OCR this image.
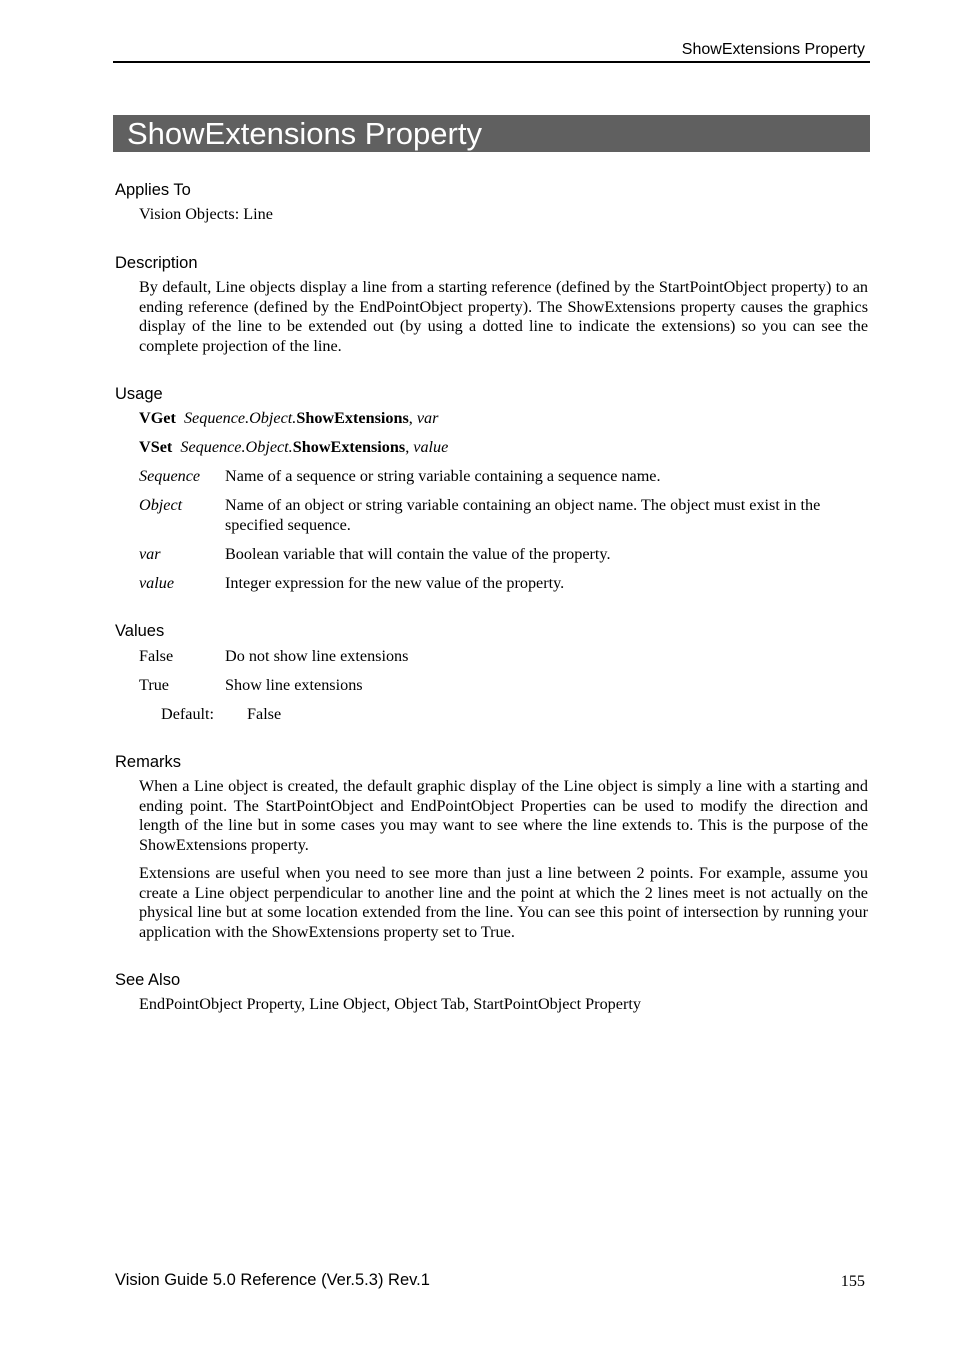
ShowExtensions Property
ShowExtensions Property
Applies To
Vision Objects: Line
Description
By default, Line objects display a line from a starting reference (defined by the StartPointObject property) to an ending reference (defined by the EndPointObject property). The ShowExtensions property causes the graphics display of the line to be extended out (by using a dotted line to indicate the extensions) so you can see the complete projection of the line.
Usage
VGet Sequence.Object.ShowExtensions, var
VSet Sequence.Object.ShowExtensions, value
Sequence Name of a sequence or string variable containing a sequence name.
Object	Name of an object or string variable containing an object name. The object must exist in the specified sequence.
var	Boolean variable that will contain the value of the property.
value	Integer expression for the new value of the property.
Values
False	Do not show line extensions
True	Show line extensions
Default: False
Remarks
When a Line object is created, the default graphic display of the Line object is simply a line with a starting and ending point. The StartPointObject and EndPointObject Properties can be used to modify the direction and length of the line but in some cases you may want to see where the line extends to. This is the purpose of the ShowExtensions property.
Extensions are useful when you need to see more than just a line between 2 points. For example, assume you create a Line object perpendicular to another line and the point at which the 2 lines meet is not actually on the physical line but at some location extended from the line. You can see this point of intersection by running your application with the ShowExtensions property set to True.
See Also
EndPointObject Property, Line Object, Object Tab, StartPointObject Property
Vision Guide 5.0 Reference (Ver.5.3) Rev.1	155
